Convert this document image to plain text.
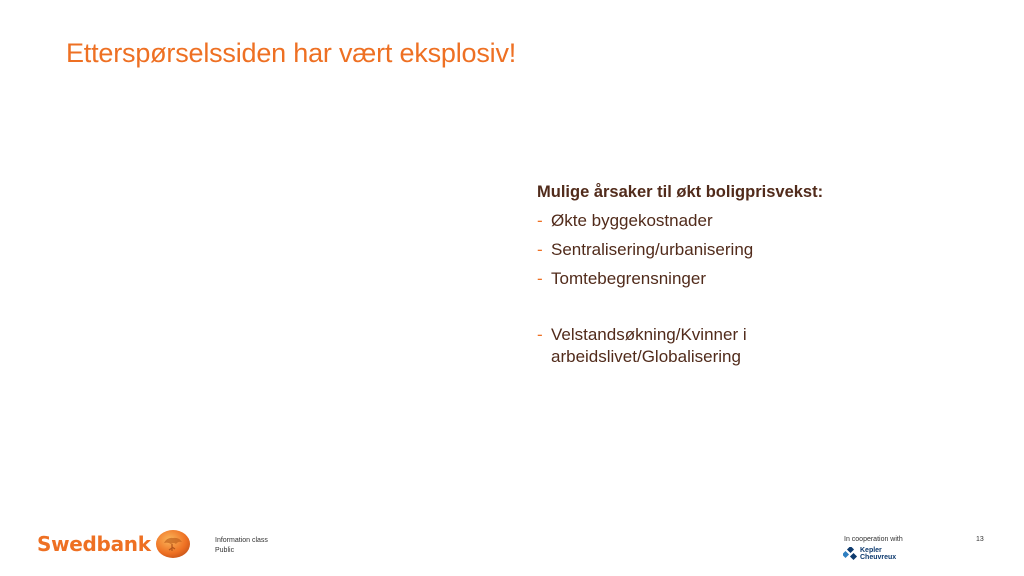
Etterspørselssiden har vært eksplosiv!
Mulige årsaker til økt boligprisvekst:
- Økte byggekostnader
- Sentralisering/urbanisering
- Tomtebegrensninger
- Velstandsøkning/Kvinner i arbeidslivet/Globalisering
Swedbank	Information class
Public
In cooperation with
Kepler
Cheuvreux
13
